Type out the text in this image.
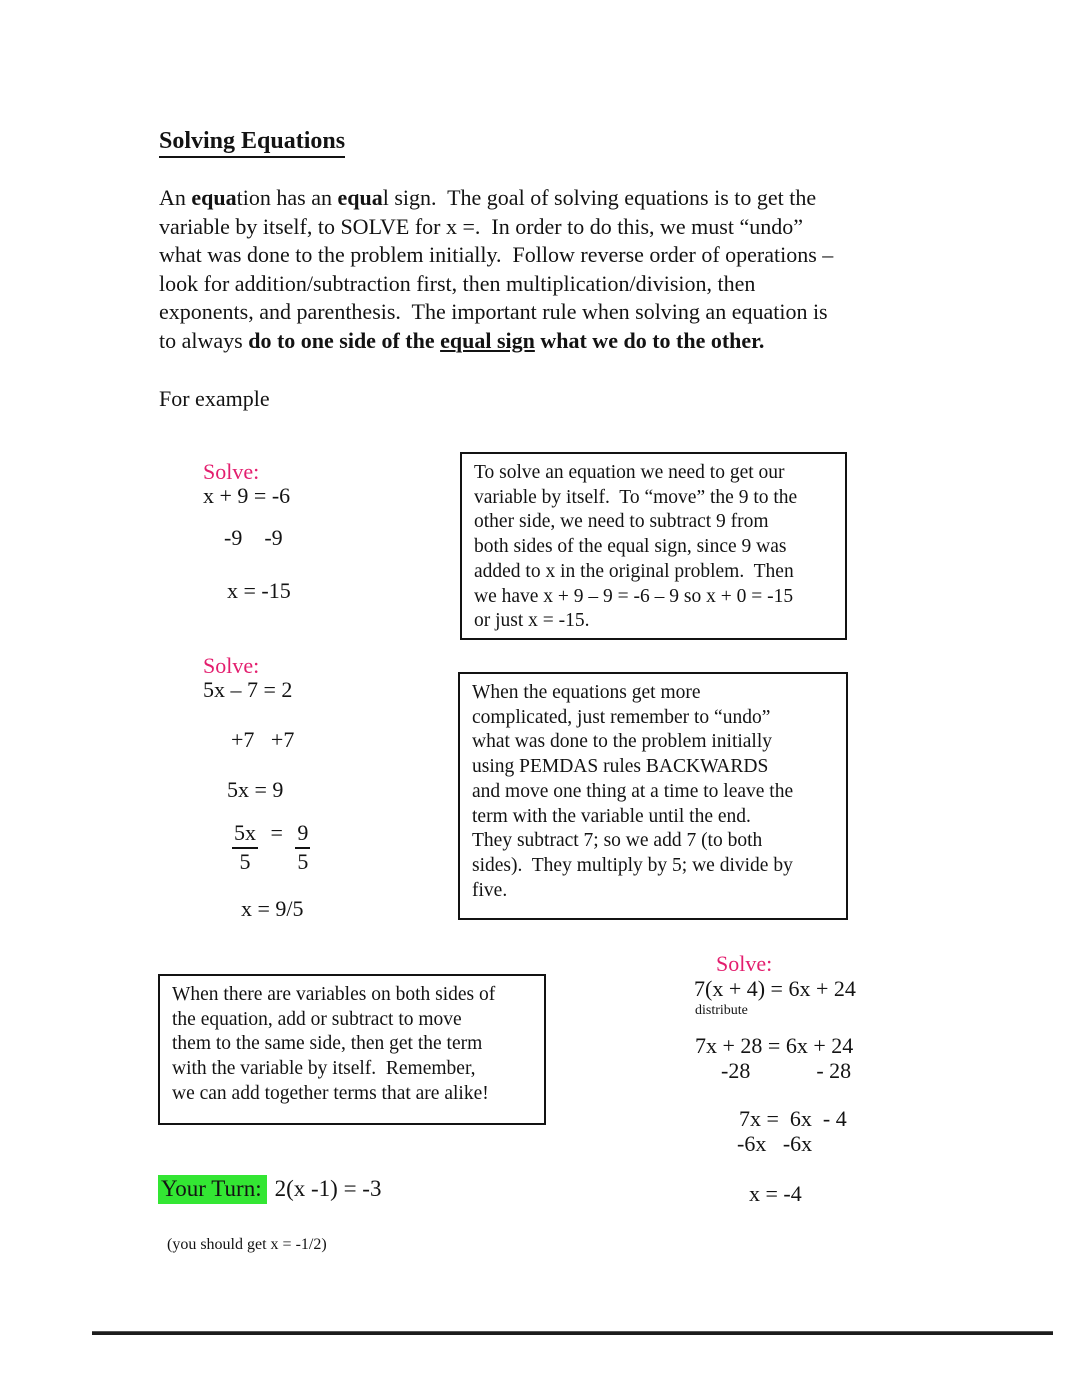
Solving Equations
An equation has an equal sign.  The goal of solving equations is to get the
variable by itself, to SOLVE for x =.  In order to do this, we must “undo”
what was done to the problem initially.  Follow reverse order of operations –
look for addition/subtraction first, then multiplication/division, then
exponents, and parenthesis.  The important rule when solving an equation is
to always do to one side of the equal sign what we do to the other.
For example
Solve:
x + 9 = -6
-9    -9
x = -15
To solve an equation we need to get our
variable by itself.  To “move” the 9 to the
other side, we need to subtract 9 from
both sides of the equal sign, since 9 was
added to x in the original problem.  Then
we have x + 9 – 9 = -6 – 9 so x + 0 = -15
or just x = -15.
Solve:
5x – 7 = 2
+7   +7
5x = 9
$\frac{5x}{5} = \frac{9}{5}$
x = 9/5
When the equations get more
complicated, just remember to “undo”
what was done to the problem initially
using PEMDAS rules BACKWARDS
and move one thing at a time to leave the
term with the variable until the end.
They subtract 7; so we add 7 (to both
sides).  They multiply by 5; we divide by
five.
When there are variables on both sides of
the equation, add or subtract to move
them to the same side, then get the term
with the variable by itself.  Remember,
we can add together terms that are alike!
Solve:
7(x + 4) = 6x + 24
distribute
7x + 28 = 6x + 24
-28            - 28
7x =  6x  - 4
-6x   -6x
x = -4
Your Turn: 2(x -1) = -3
(you should get x = -1/2)
